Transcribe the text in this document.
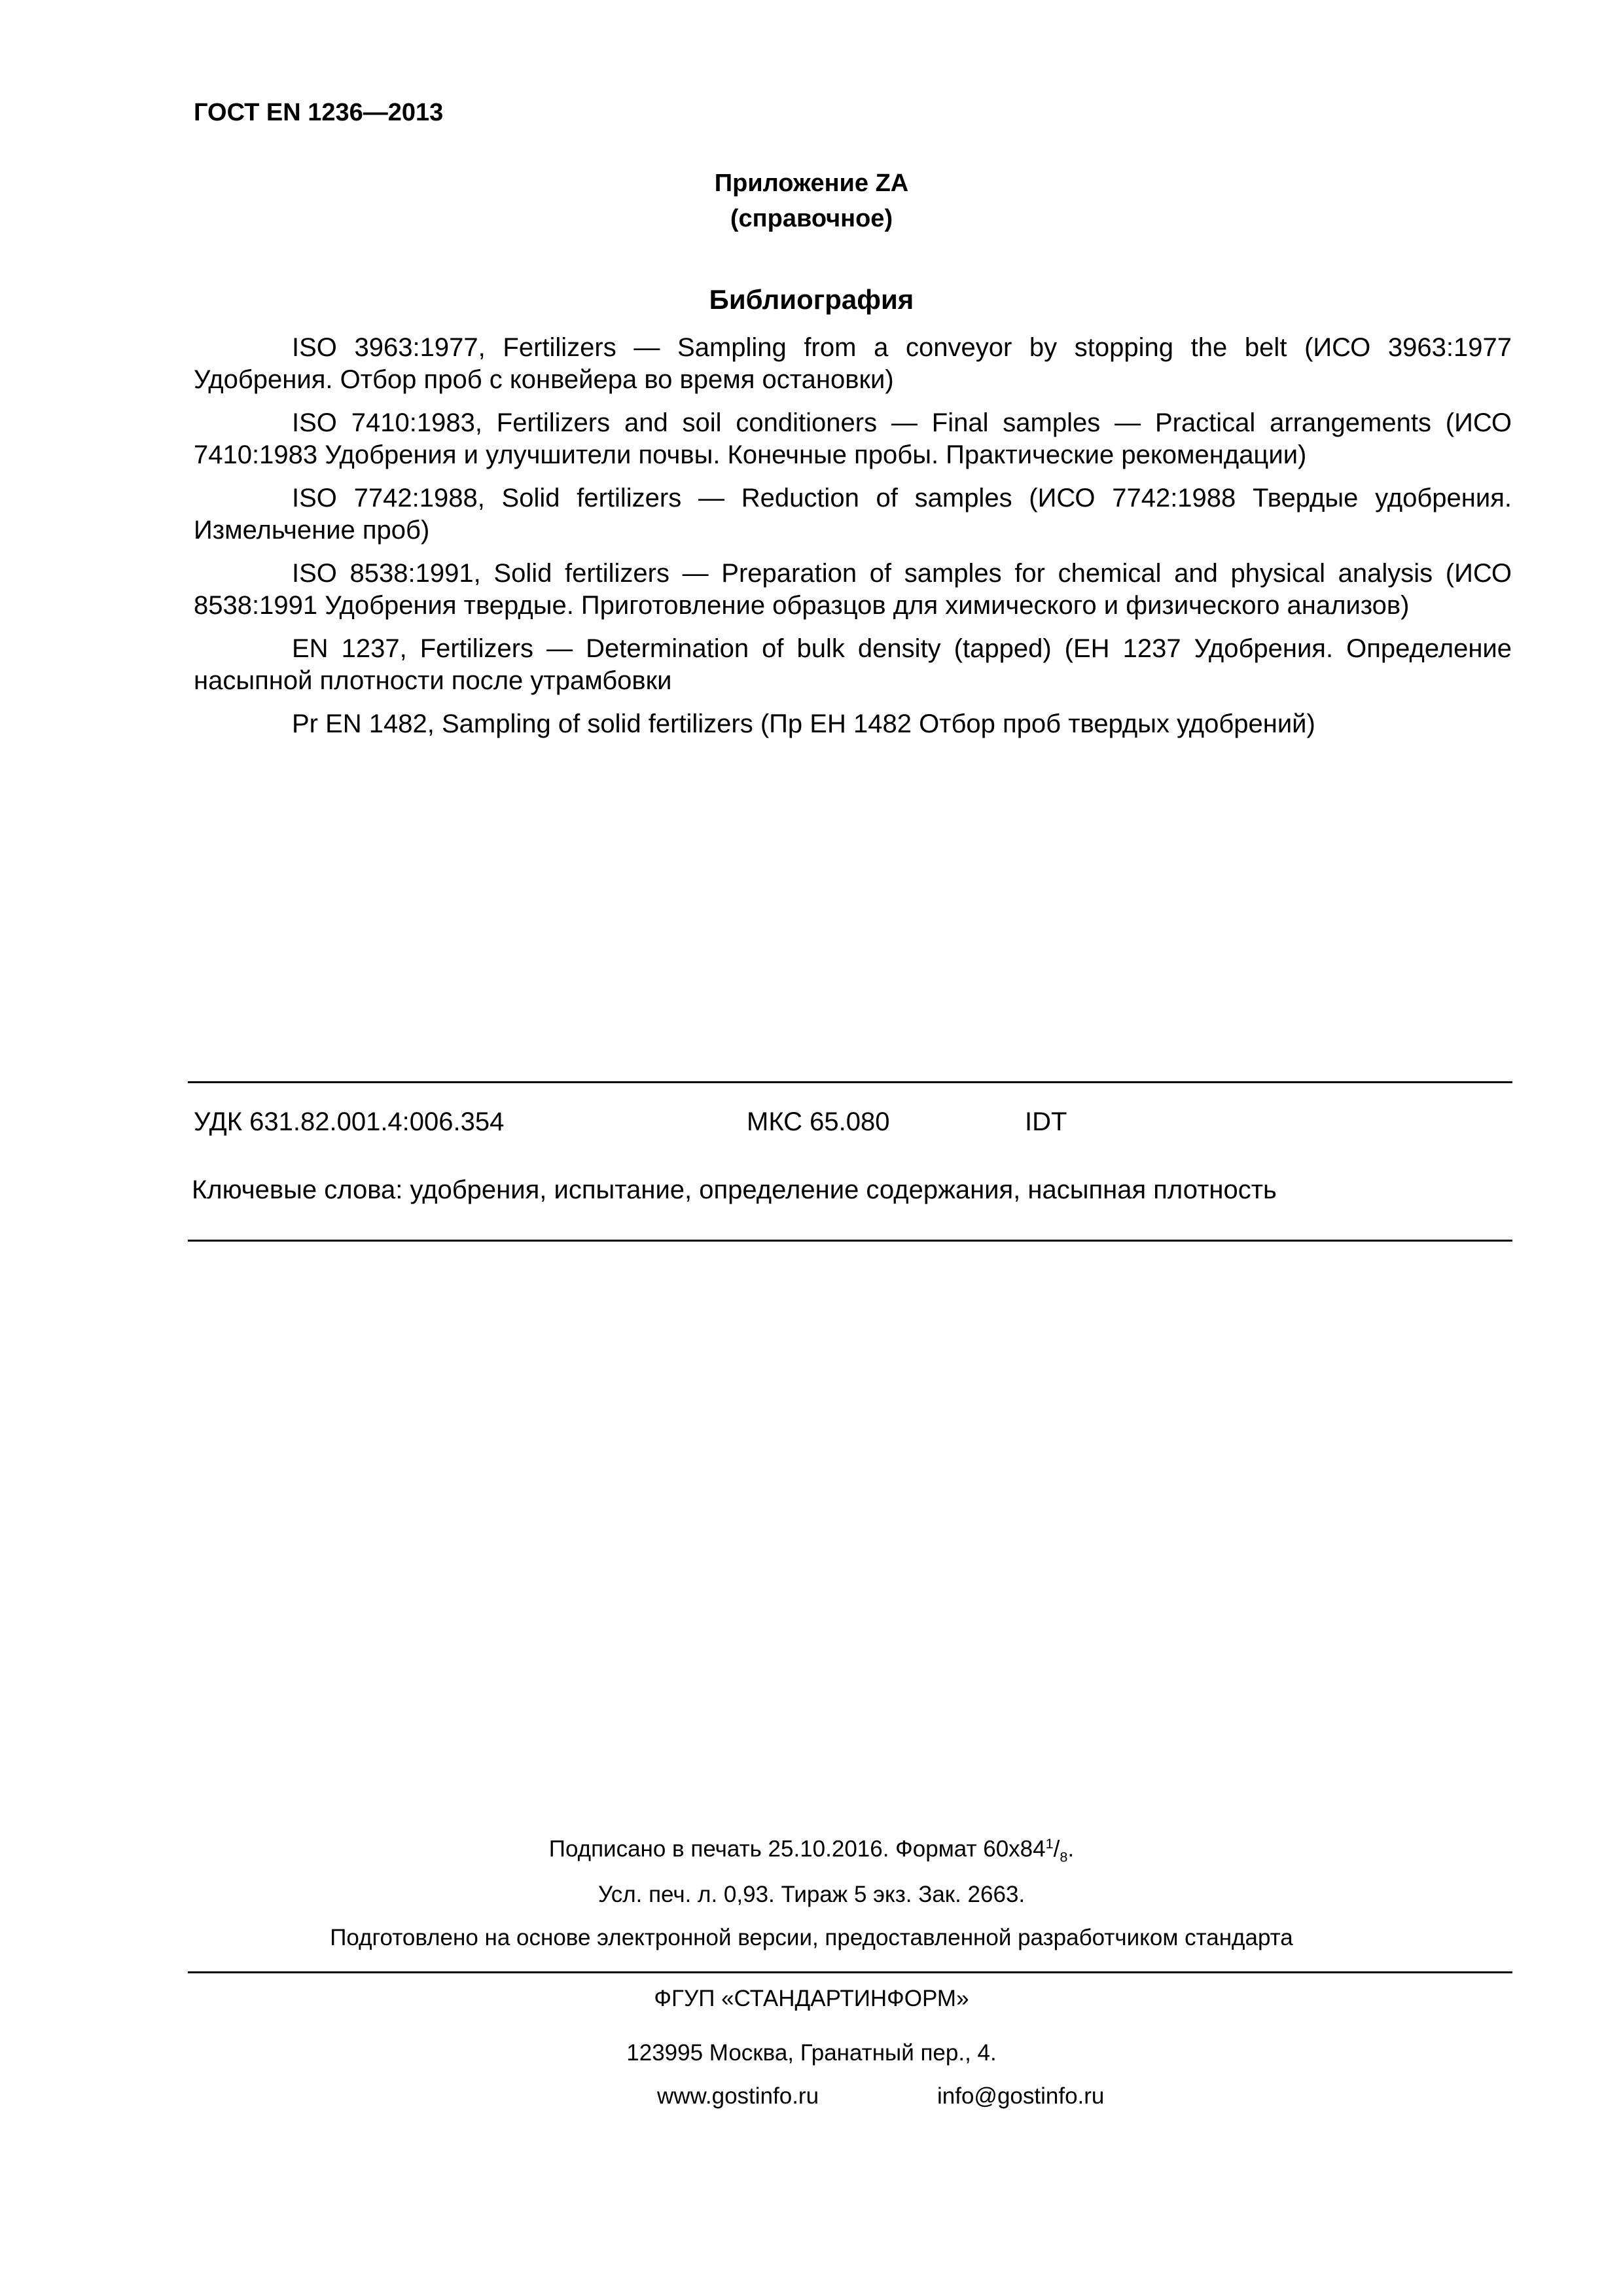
ГОСТ EN 1236—2013
Приложение ZA
(справочное)
Библиография
ISO 3963:1977, Fertilizers — Sampling from a conveyor by stopping the belt (ИСО 3963:1977 Удобрения. Отбор проб с конвейера во время остановки)
ISO 7410:1983, Fertilizers and soil conditioners — Final samples — Practical arrangements (ИСО 7410:1983 Удобрения и улучшители почвы. Конечные пробы. Практические рекомендации)
ISO 7742:1988, Solid fertilizers — Reduction of samples (ИСО 7742:1988 Твердые удобрения. Измельчение проб)
ISO 8538:1991, Solid fertilizers — Preparation of samples for chemical and physical analysis (ИСО 8538:1991 Удобрения твердые. Приготовление образцов для химического и физического анализов)
EN 1237, Fertilizers — Determination of bulk density (tapped) (ЕН 1237 Удобрения. Определение насыпной плотности после утрамбовки
Pr EN 1482, Sampling of solid fertilizers (Пр ЕН 1482 Отбор проб твердых удобрений)
УДК 631.82.001.4:006.354	МКС 65.080	IDT
Ключевые слова: удобрения, испытание, определение содержания, насыпная плотность
Подписано в печать 25.10.2016. Формат $60x84^1/_8$.
Усл. печ. л. 0,93. Тираж 5 экз. Зак. 2663.
Подготовлено на основе электронной версии, предоставленной разработчиком стандарта
ФГУП «СТАНДАРТИНФОРМ»
123995 Москва, Гранатный пер., 4.
www.gostinfo.ru	info@gostinfo.ru
